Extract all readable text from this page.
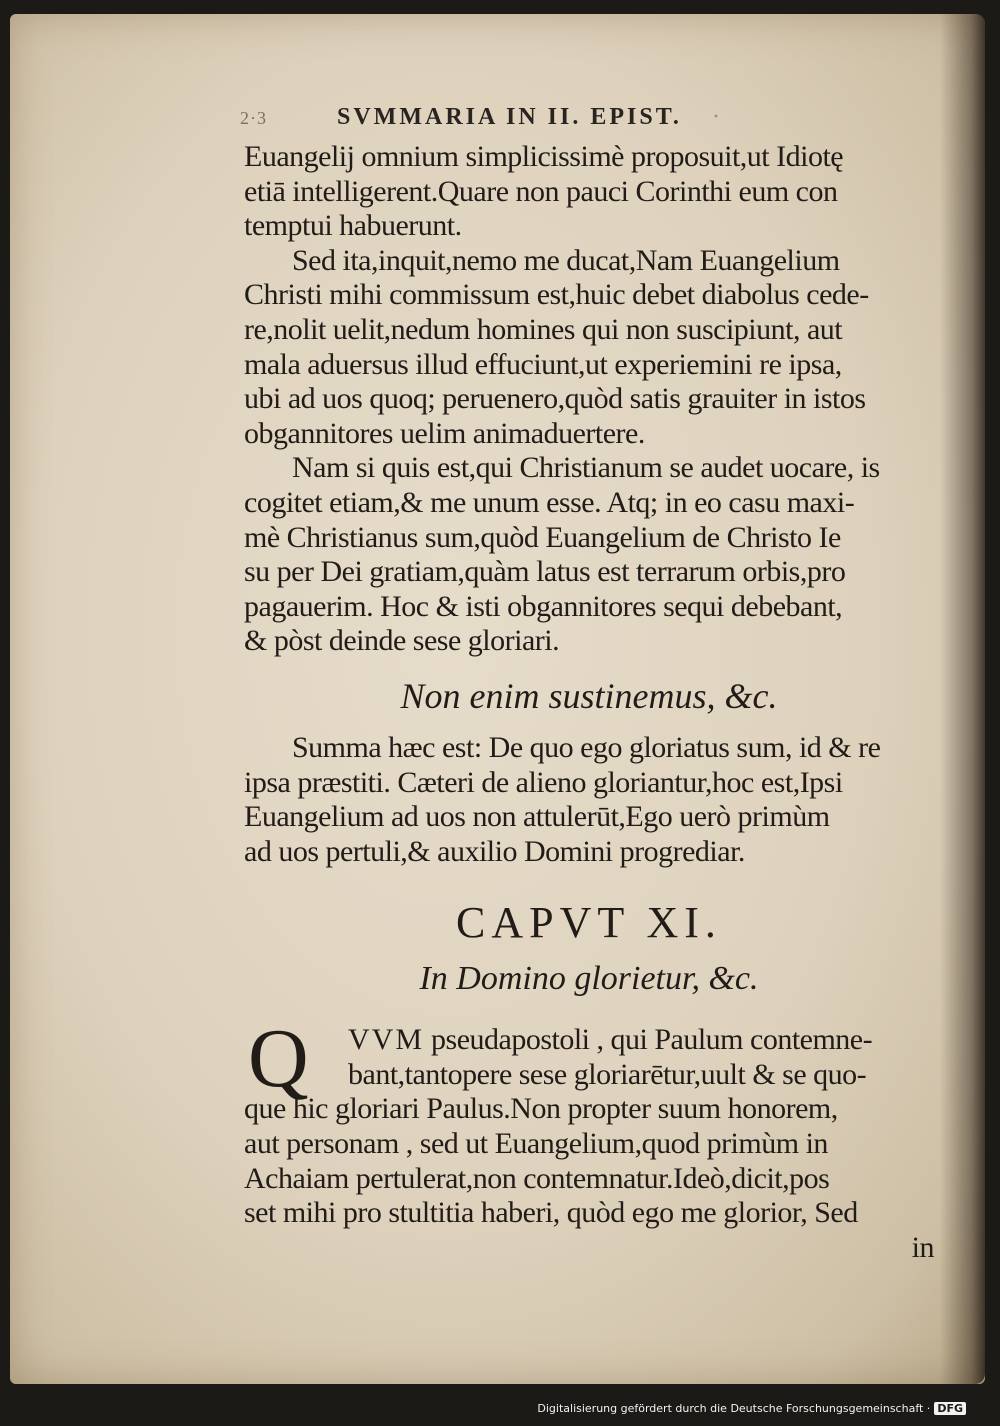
2·3	SVMMARIA IN II. EPIST. ·
Euangelij omnium simplicissimè proposuit,ut Idiotę
etiā intelligerent.Quare non pauci Corinthi eum con
temptui habuerunt.
Sed ita,inquit,nemo me ducat,Nam Euangelium
Christi mihi commissum est,huic debet diabolus cede-
re,nolit uelit,nedum homines qui non suscipiunt, aut
mala aduersus illud effuciunt,ut experiemini re ipsa,
ubi ad uos quoq; peruenero,quòd satis grauiter in istos
obgannitores uelim animaduertere.
Nam si quis est,qui Christianum se audet uocare, is
cogitet etiam,& me unum esse. Atq; in eo casu maxi-
mè Christianus sum,quòd Euangelium de Christo Ie
su per Dei gratiam,quàm latus est terrarum orbis,pro
pagauerim. Hoc & isti obgannitores sequi debebant,
& pòst deinde sese gloriari.
Non enim sustinemus, &c.
Summa hæc est: De quo ego gloriatus sum, id & re
ipsa præstiti. Cæteri de alieno gloriantur,hoc est,Ipsi
Euangelium ad uos non attulerūt,Ego uerò primùm
ad uos pertuli,& auxilio Domini progrediar.
CAPVT XI.
In Domino glorietur, &c.
Q	VVM pseudapostoli , qui Paulum contemne-
bant,tantopere sese gloriarētur,uult & se quo-
que hic gloriari Paulus.Non propter suum honorem,
aut personam , sed ut Euangelium,quod primùm in
Achaiam pertulerat,non contemnatur.Ideò,dicit,pos
set mihi pro stultitia haberi, quòd ego me glorior, Sed
in
Digitalisierung gefördert durch die Deutsche Forschungsgemeinschaft · DFG
